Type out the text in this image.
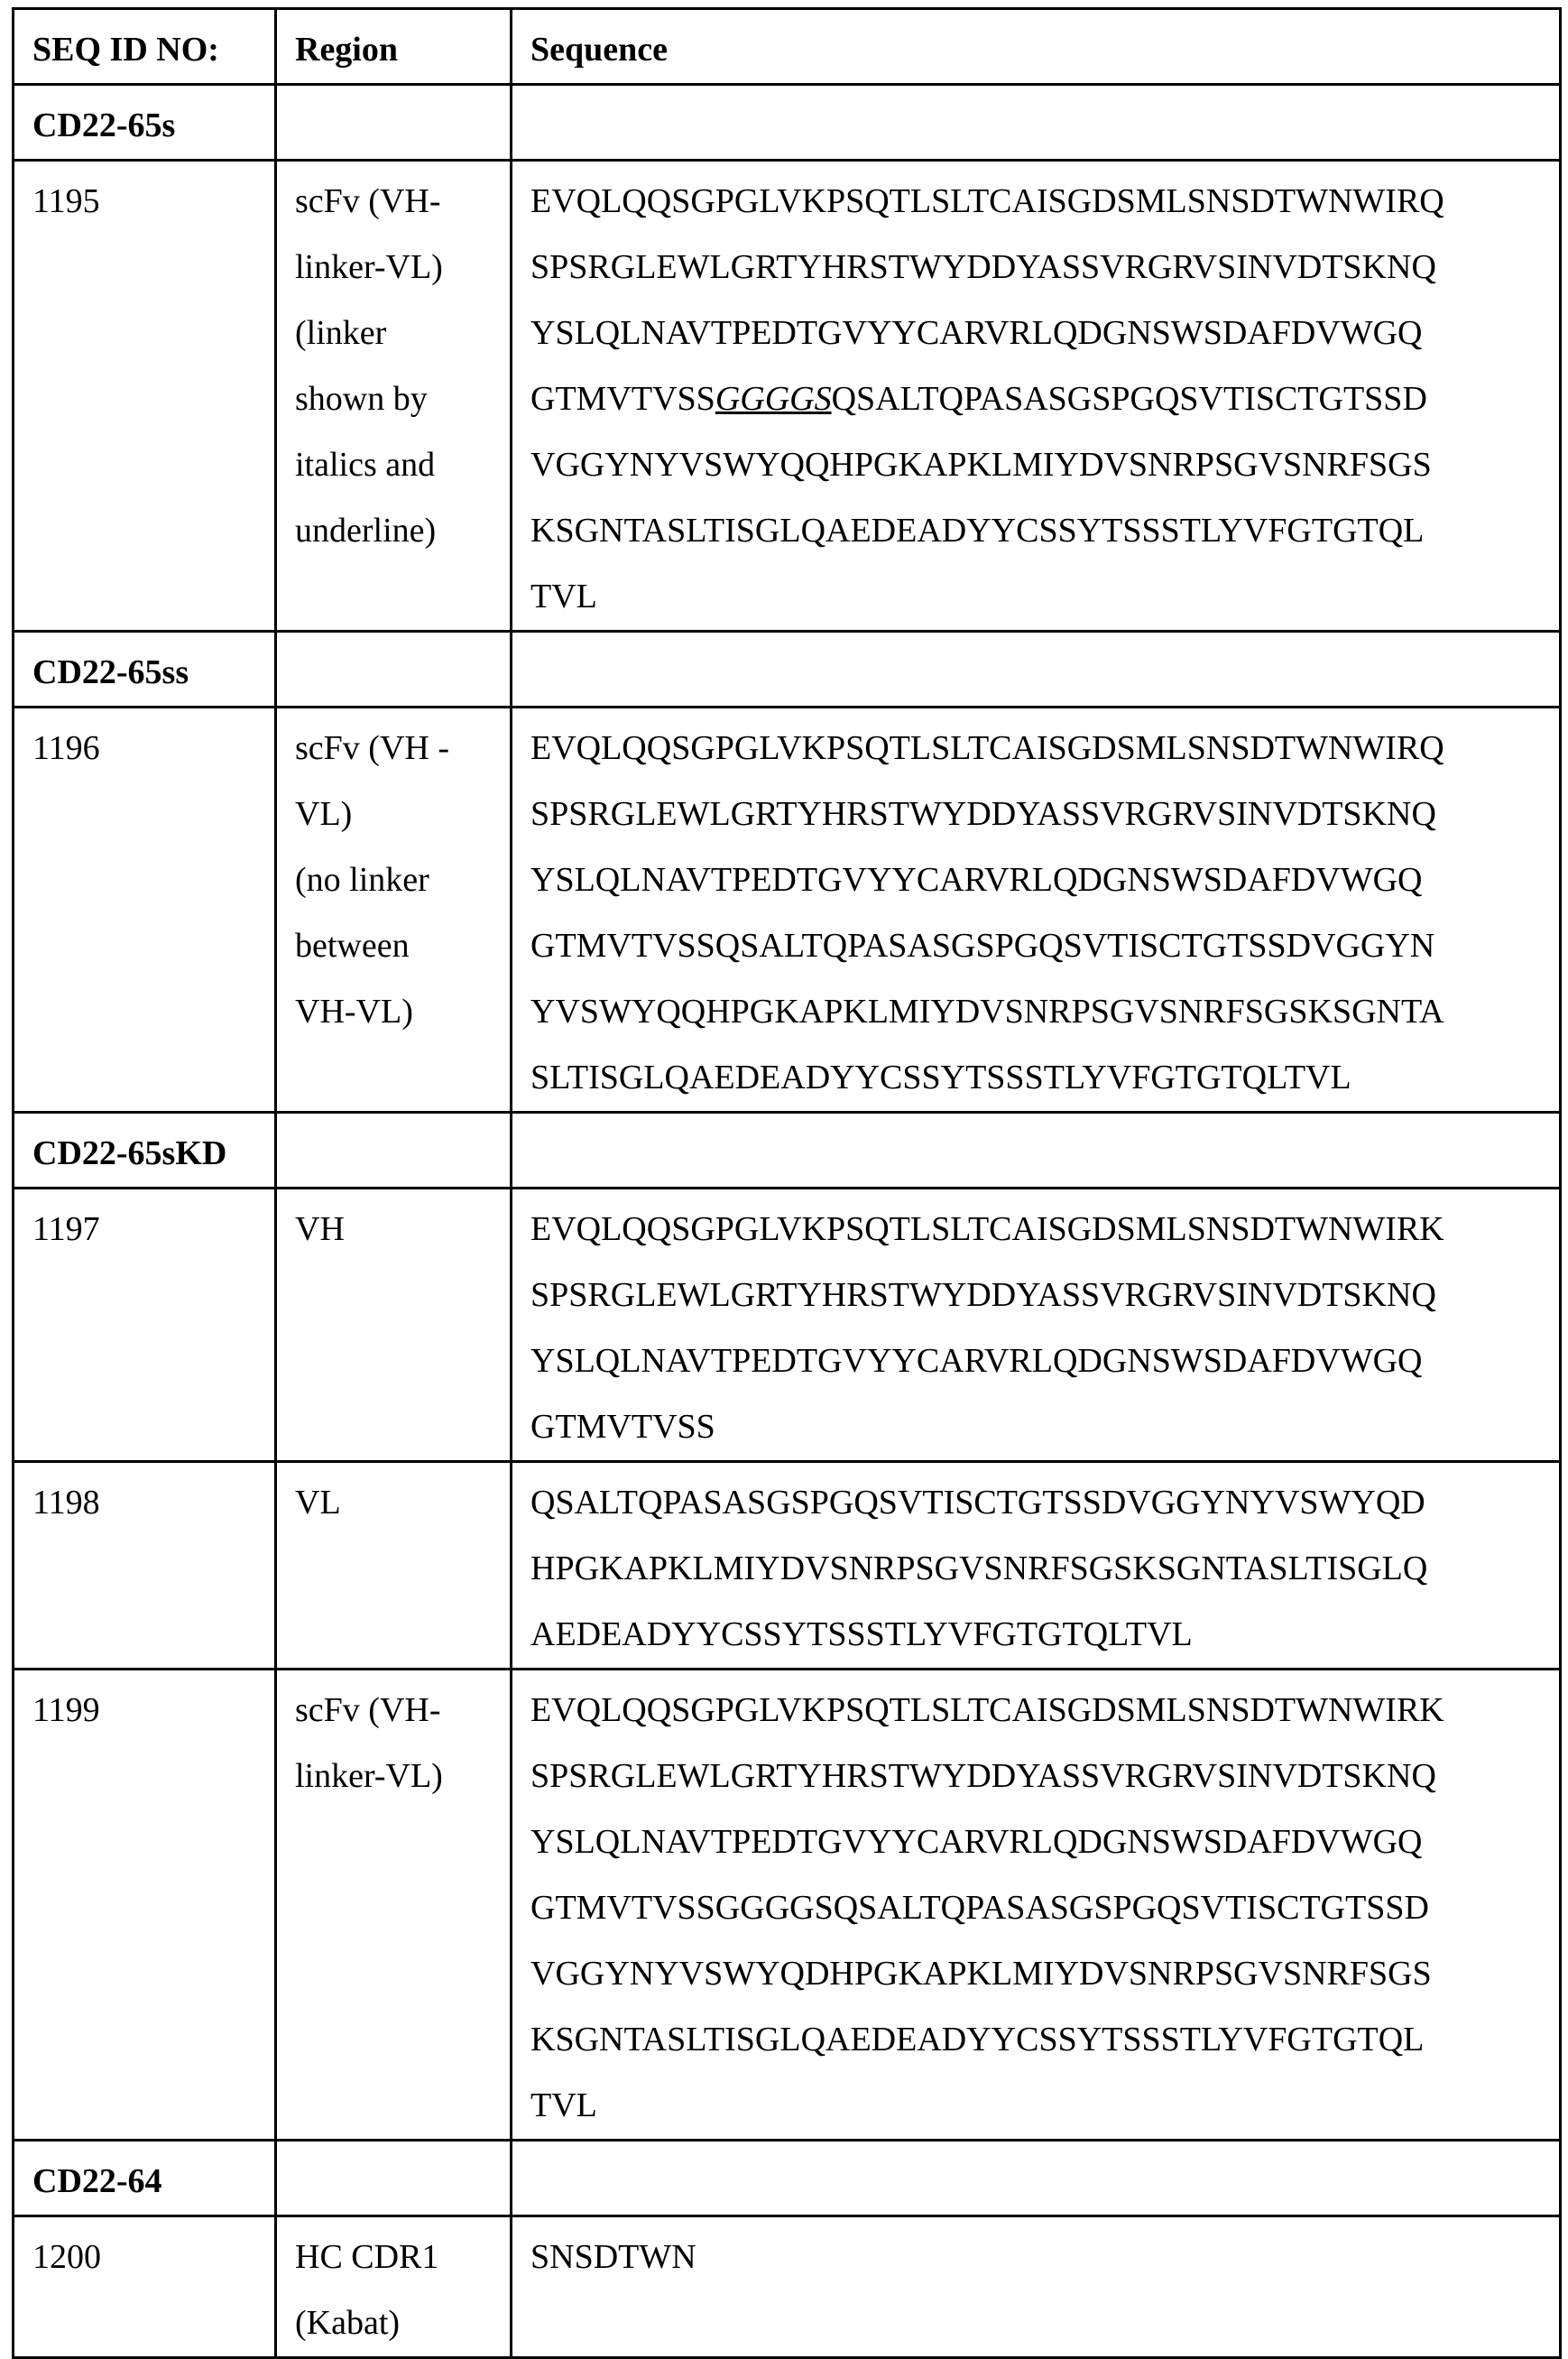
SEQ ID NO:	Region	Sequence
CD22-65s		
1195	scFv (VH-
linker-VL)
(linker
shown by
italics and
underline)

EVQLQQSGPGLVKPSQTLSLTCAISGDSMLSNSDTWNWIRQ
SPSRGLEWLGRTYHRSTWYDDYASSVRGRVSINVDTSKNQ
YSLQLNAVTPEDTGVYYCARVRLQDGNSWSDAFDVWGQ
GTMVTVSSGGGGSQSALTQPASASGSPGQSVTISCTGTSSD
VGGYNYVSWYQQHPGKAPKLMIYDVSNRPSGVSNRFSGS
KSGNTASLTISGLQAEDEADYYCSSYTSSSTLYVFGTGTQL
TVL

CD22-65ss		
1196	scFv (VH -
VL)
(no linker
between
VH-VL)

EVQLQQSGPGLVKPSQTLSLTCAISGDSMLSNSDTWNWIRQ
SPSRGLEWLGRTYHRSTWYDDYASSVRGRVSINVDTSKNQ
YSLQLNAVTPEDTGVYYCARVRLQDGNSWSDAFDVWGQ
GTMVTVSSQSALTQPASASGSPGQSVTISCTGTSSDVGGYN
YVSWYQQHPGKAPKLMIYDVSNRPSGVSNRFSGSKSGNTA
SLTISGLQAEDEADYYCSSYTSSSTLYVFGTGTQLTVL

CD22-65sKD		
1197	VH	EVQLQQSGPGLVKPSQTLSLTCAISGDSMLSNSDTWNWIRK
SPSRGLEWLGRTYHRSTWYDDYASSVRGRVSINVDTSKNQ
YSLQLNAVTPEDTGVYYCARVRLQDGNSWSDAFDVWGQ
GTMVTVSS

1198	VL	QSALTQPASASGSPGQSVTISCTGTSSDVGGYNYVSWYQD
HPGKAPKLMIYDVSNRPSGVSNRFSGSKSGNTASLTISGLQ
AEDEADYYCSSYTSSSTLYVFGTGTQLTVL

1199	scFv (VH-
linker-VL)

EVQLQQSGPGLVKPSQTLSLTCAISGDSMLSNSDTWNWIRK
SPSRGLEWLGRTYHRSTWYDDYASSVRGRVSINVDTSKNQ
YSLQLNAVTPEDTGVYYCARVRLQDGNSWSDAFDVWGQ
GTMVTVSSGGGGSQSALTQPASASGSPGQSVTISCTGTSSD
VGGYNYVSWYQDHPGKAPKLMIYDVSNRPSGVSNRFSGS
KSGNTASLTISGLQAEDEADYYCSSYTSSSTLYVFGTGTQL
TVL

CD22-64		
1200	HC CDR1
(Kabat)

SNSDTWN
